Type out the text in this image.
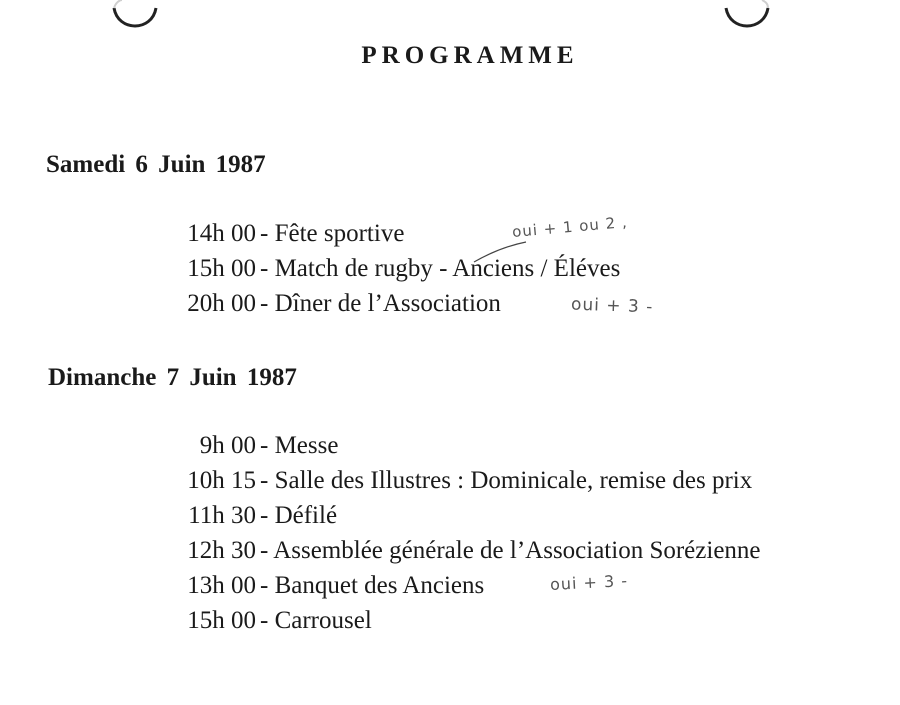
PROGRAMME
Samedi 6 Juin 1987
14h 00 - Fête sportive
15h 00 - Match de rugby - Anciens / Éléves
20h 00 - Dîner de l’Association
Dimanche 7 Juin 1987
9h 00 - Messe
10h 15 - Salle des Illustres : Dominicale, remise des prix
11h 30 - Défilé
12h 30 - Assemblée générale de l’Association Sorézienne
13h 00 - Banquet des Anciens
15h 00 - Carrousel
oui + 1 ou 2 ,
oui + 3 -
oui + 3 -
